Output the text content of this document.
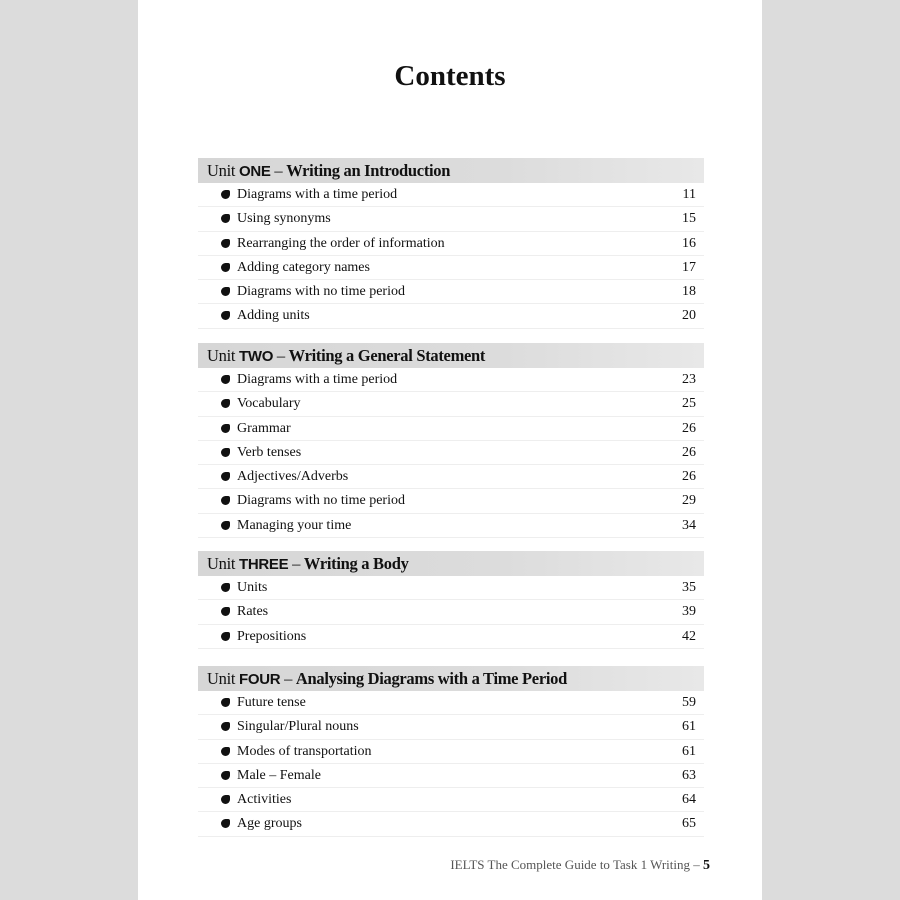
Contents
Unit ONE – Writing an Introduction
Diagrams with a time period	11
Using synonyms	15
Rearranging the order of information	16
Adding category names	17
Diagrams with no time period	18
Adding units	20
Unit TWO – Writing a General Statement
Diagrams with a time period	23
Vocabulary	25
Grammar	26
Verb tenses	26
Adjectives/Adverbs	26
Diagrams with no time period	29
Managing your time	34
Unit THREE – Writing a Body
Units	35
Rates	39
Prepositions	42
Unit FOUR – Analysing Diagrams with a Time Period
Future tense	59
Singular/Plural nouns	61
Modes of transportation	61
Male – Female	63
Activities	64
Age groups	65
IELTS The Complete Guide to Task 1 Writing – 5
